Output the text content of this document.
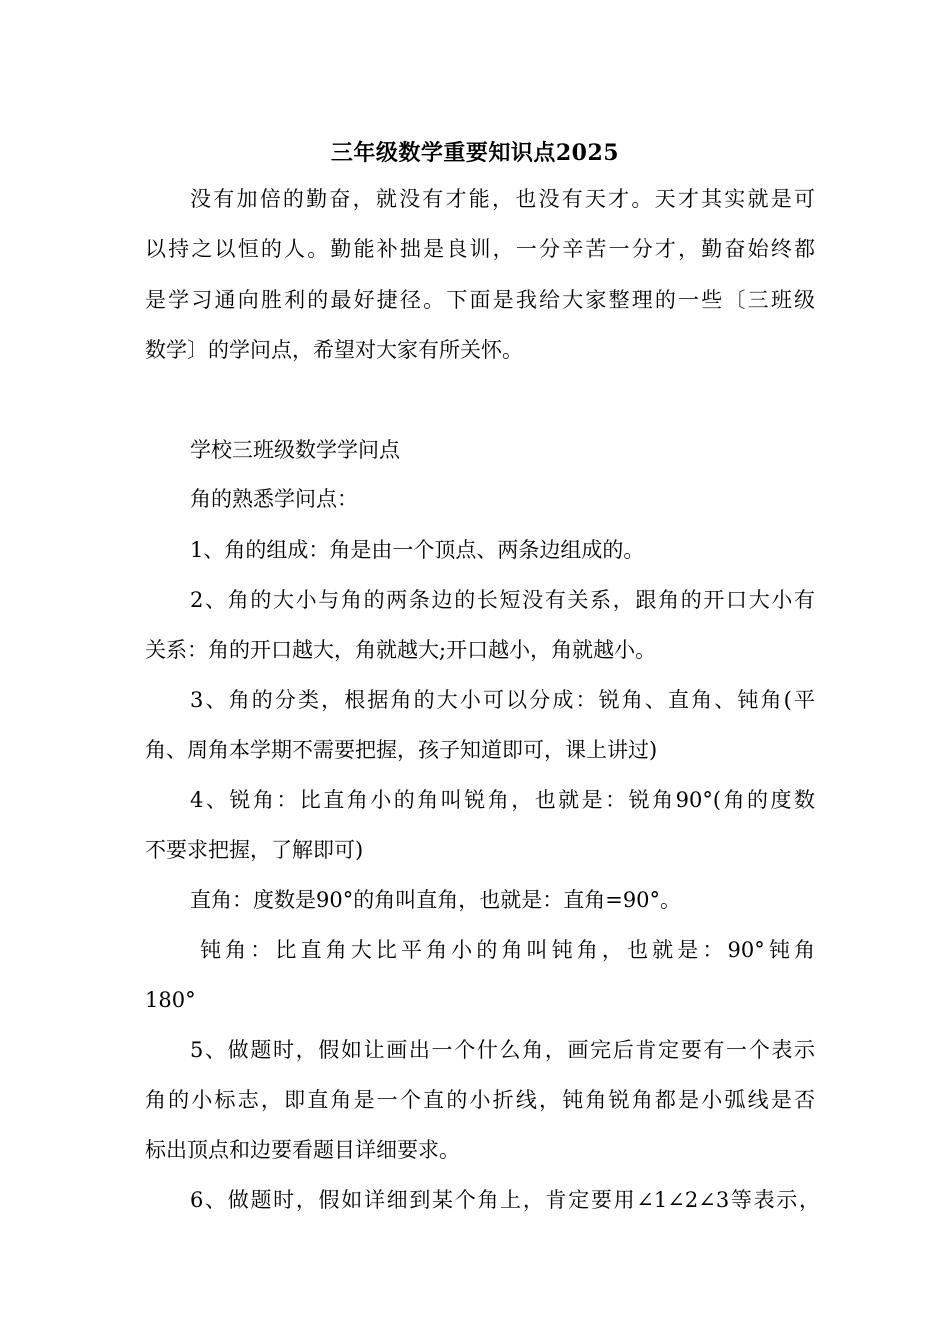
三年级数学重要知识点2025
没有加倍的勤奋，就没有才能，也没有天才。天才其实就是可
以持之以恒的人。勤能补拙是良训，一分辛苦一分才，勤奋始终都
是学习通向胜利的最好捷径。下面是我给大家整理的一些〔三班级
数学〕的学问点，希望对大家有所关怀。
学校三班级数学学问点
角的熟悉学问点：
1、角的组成：角是由一个顶点、两条边组成的。
2、角的大小与角的两条边的长短没有关系，跟角的开口大小有
关系：角的开口越大，角就越大;开口越小，角就越小。
3、角的分类，根据角的大小可以分成：锐角、直角、钝角(平
角、周角本学期不需要把握，孩子知道即可，课上讲过)
4、锐角：比直角小的角叫锐角，也就是：锐角90°(角的度数
不要求把握，了解即可)
直角：度数是90°的角叫直角，也就是：直角=90°。
钝角：比直角大比平角小的角叫钝角，也就是：90°钝角
180°
5、做题时，假如让画出一个什么角，画完后肯定要有一个表示
角的小标志，即直角是一个直的小折线，钝角锐角都是小弧线是否
标出顶点和边要看题目详细要求。
6、做题时，假如详细到某个角上，肯定要用∠1∠2∠3等表示，
